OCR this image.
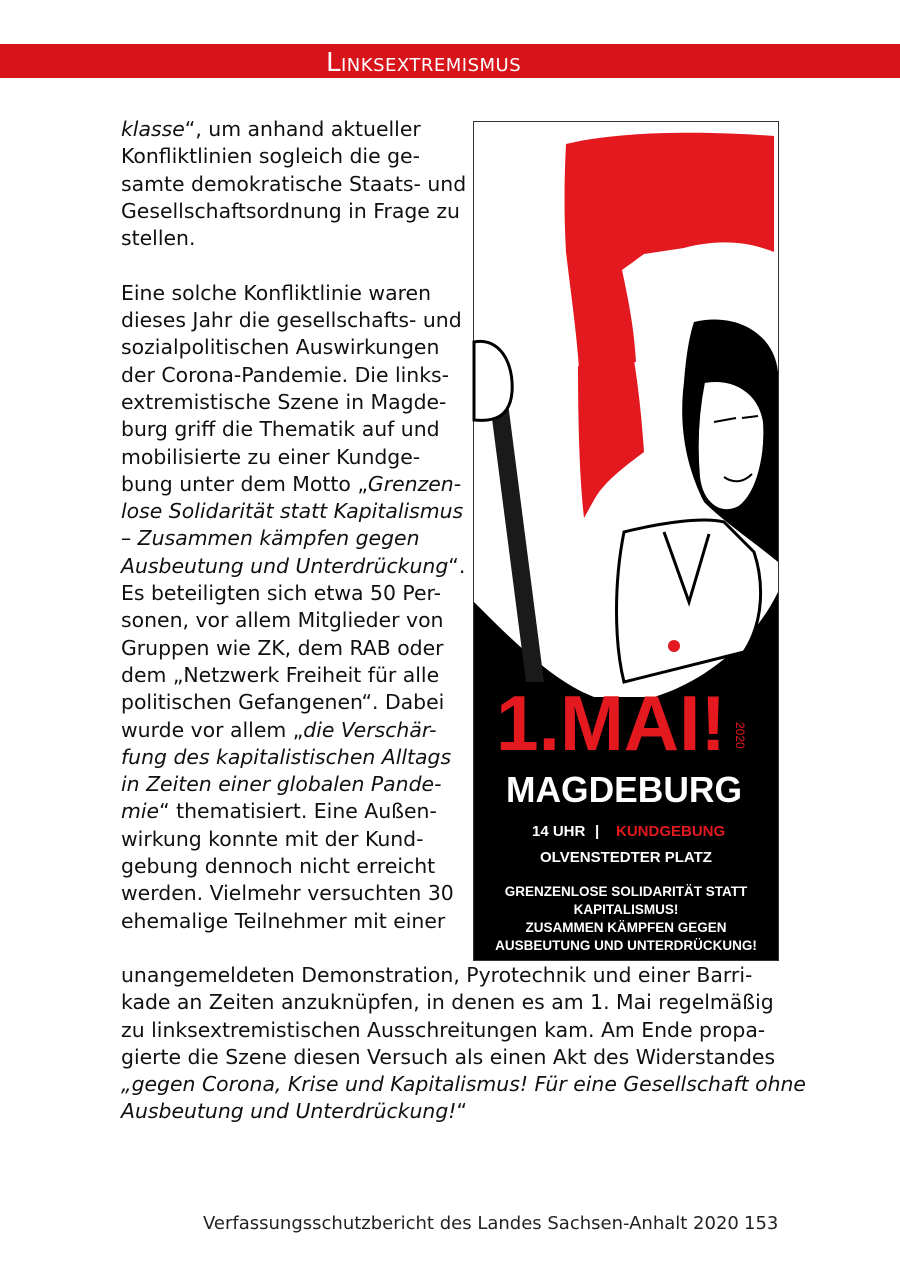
Linksextremismus
klasse“, um anhand aktueller
Konfliktlinien sogleich die ge-
samte demokratische Staats- und
Gesellschaftsordnung in Frage zu
stellen.
Eine solche Konfliktlinie waren
dieses Jahr die gesellschafts- und
sozialpolitischen Auswirkungen
der Corona-Pandemie. Die links-
extremistische Szene in Magde-
burg griff die Thematik auf und
mobilisierte zu einer Kundge-
bung unter dem Motto „Grenzen-
lose Solidarität statt Kapitalismus
– Zusammen kämpfen gegen
Ausbeutung und Unterdrückung“.
Es beteiligten sich etwa 50 Per-
sonen, vor allem Mitglieder von
Gruppen wie ZK, dem RAB oder
dem „Netzwerk Freiheit für alle
politischen Gefangenen“. Dabei
wurde vor allem „die Verschär-
fung des kapitalistischen Alltags
in Zeiten einer globalen Pande-
mie“ thematisiert. Eine Außen-
wirkung konnte mit der Kund-
gebung dennoch nicht erreicht
werden. Vielmehr versuchten 30
ehemalige Teilnehmer mit einer
unangemeldeten Demonstration, Pyrotechnik und einer Barri-
kade an Zeiten anzuknüpfen, in denen es am 1. Mai regelmäßig
zu linksextremistischen Ausschreitungen kam. Am Ende propa-
gierte die Szene diesen Versuch als einen Akt des Widerstandes
„gegen Corona, Krise und Kapitalismus! Für eine Gesellschaft ohne
Ausbeutung und Unterdrückung!“
1.MAI! 2020
MAGDEBURG
14 UHR | KUNDGEBUNG
OLVENSTEDTER PLATZ
GRENZENLOSE SOLIDARITÄT STATT
KAPITALISMUS!
ZUSAMMEN KÄMPFEN GEGEN
AUSBEUTUNG UND UNTERDRÜCKUNG!
Verfassungsschutzbericht des Landes Sachsen-Anhalt 2020 153
